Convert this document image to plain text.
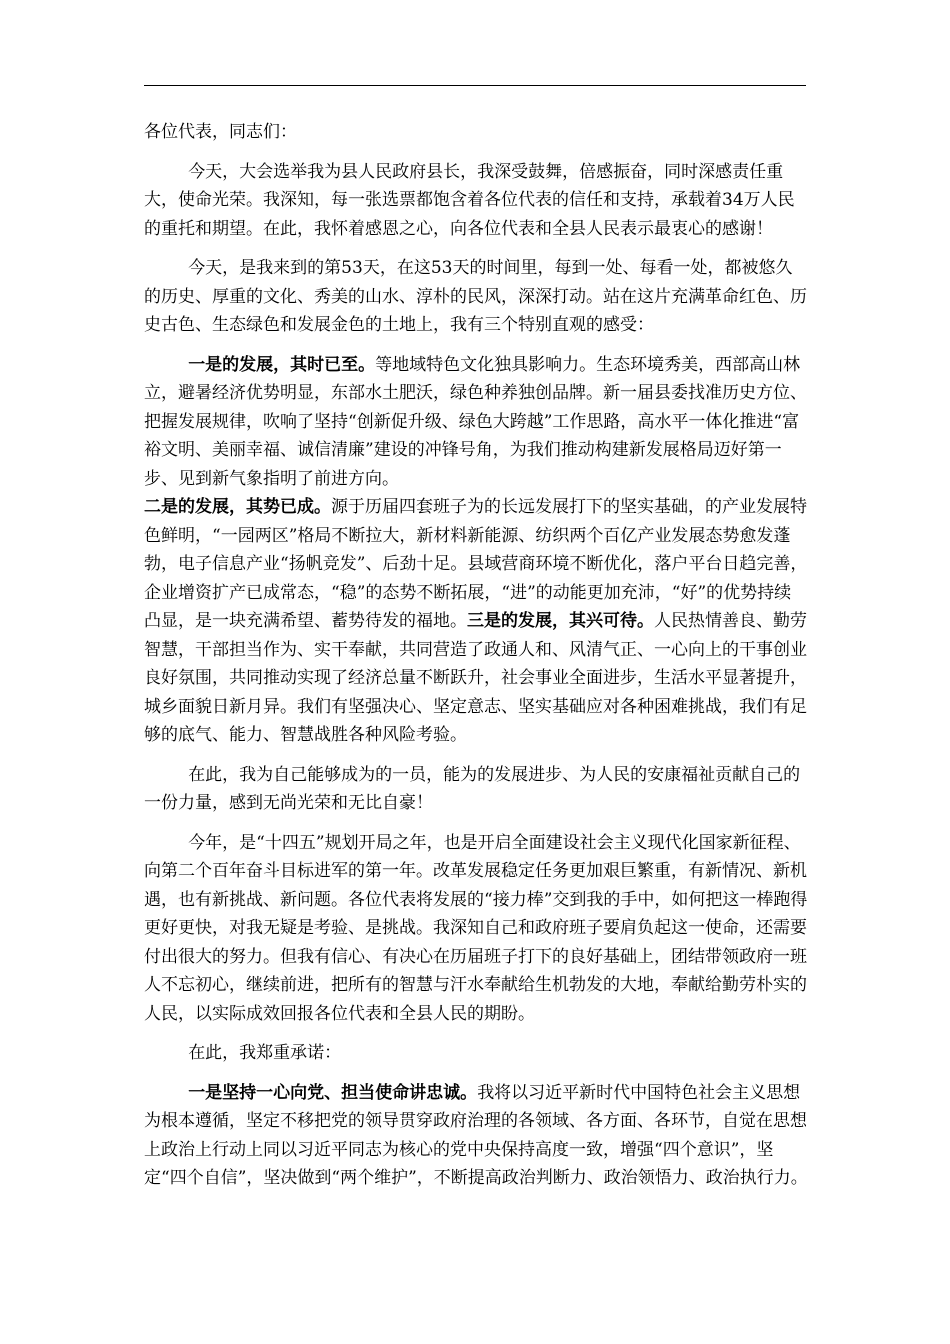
各位代表，同志们：

今天，大会选举我为县人民政府县长，我深受鼓舞，倍感振奋，同时深感责任重大，使命光荣。我深知，每一张选票都饱含着各位代表的信任和支持，承载着34万人民的重托和期望。在此，我怀着感恩之心，向各位代表和全县人民表示最衷心的感谢！

今天，是我来到的第53天，在这53天的时间里，每到一处、每看一处，都被悠久的历史、厚重的文化、秀美的山水、淳朴的民风，深深打动。站在这片充满革命红色、历史古色、生态绿色和发展金色的土地上，我有三个特别直观的感受：

一是的发展，其时已至。等地域特色文化独具影响力。生态环境秀美，西部高山林立，避暑经济优势明显，东部水土肥沃，绿色种养独创品牌。新一届县委找准历史方位、把握发展规律，吹响了坚持“创新促升级、绿色大跨越”工作思路，高水平一体化推进“富裕文明、美丽幸福、诚信清廉”建设的冲锋号角，为我们推动构建新发展格局迈好第一步、见到新气象指明了前进方向。

二是的发展，其势已成。源于历届四套班子为的长远发展打下的坚实基础，的产业发展特色鲜明，“一园两区”格局不断拉大，新材料新能源、纺织两个百亿产业发展态势愈发蓬勃，电子信息产业“扬帆竞发”、后劲十足。县域营商环境不断优化，落户平台日趋完善，企业增资扩产已成常态，“稳”的态势不断拓展，“进”的动能更加充沛，“好”的优势持续凸显，是一块充满希望、蓄势待发的福地。三是的发展，其兴可待。人民热情善良、勤劳智慧，干部担当作为、实干奉献，共同营造了政通人和、风清气正、一心向上的干事创业良好氛围，共同推动实现了经济总量不断跃升，社会事业全面进步，生活水平显著提升，城乡面貌日新月异。我们有坚强决心、坚定意志、坚实基础应对各种困难挑战，我们有足够的底气、能力、智慧战胜各种风险考验。

在此，我为自己能够成为的一员，能为的发展进步、为人民的安康福祉贡献自己的一份力量，感到无尚光荣和无比自豪！

今年，是“十四五”规划开局之年，也是开启全面建设社会主义现代化国家新征程、向第二个百年奋斗目标进军的第一年。改革发展稳定任务更加艰巨繁重，有新情况、新机遇，也有新挑战、新问题。各位代表将发展的“接力棒”交到我的手中，如何把这一棒跑得更好更快，对我无疑是考验、是挑战。我深知自己和政府班子要肩负起这一使命，还需要付出很大的努力。但我有信心、有决心在历届班子打下的良好基础上，团结带领政府一班人不忘初心，继续前进，把所有的智慧与汗水奉献给生机勃发的大地，奉献给勤劳朴实的人民，以实际成效回报各位代表和全县人民的期盼。

在此，我郑重承诺：

一是坚持一心向党、担当使命讲忠诚。我将以习近平新时代中国特色社会主义思想为根本遵循，坚定不移把党的领导贯穿政府治理的各领域、各方面、各环节，自觉在思想上政治上行动上同以习近平同志为核心的党中央保持高度一致，增强“四个意识”，坚定“四个自信”，坚决做到“两个维护”，不断提高政治判断力、政治领悟力、政治执行力。
